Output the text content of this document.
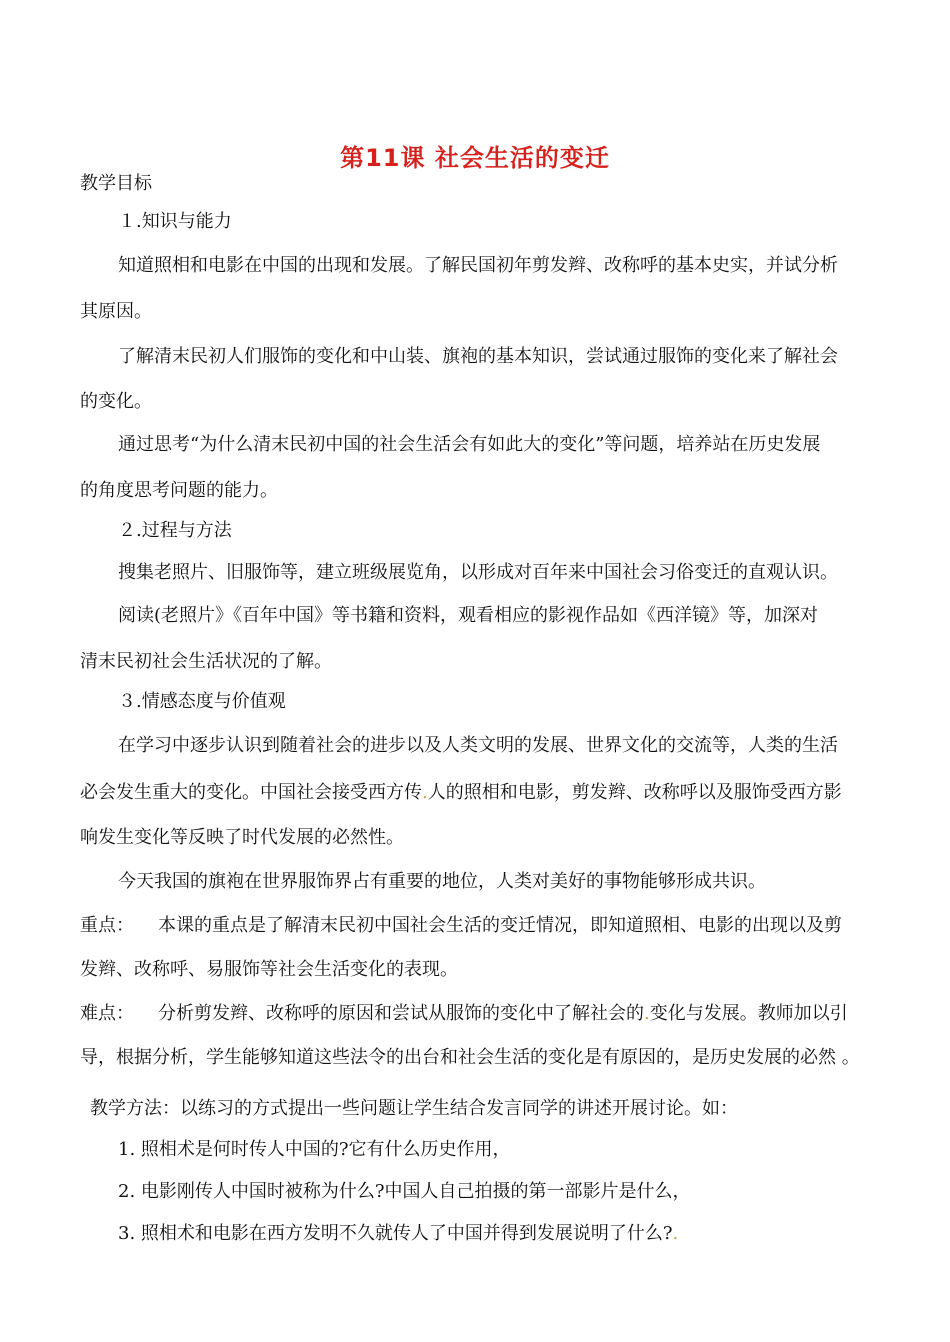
第11课 社会生活的变迁
教学目标
１.知识与能力
知道照相和电影在中国的出现和发展。了解民国初年剪发辫、改称呼的基本史实，并试分析
其原因。
了解清末民初人们服饰的变化和中山装、旗袍的基本知识，尝试通过服饰的变化来了解社会
的变化。
通过思考“为什么清末民初中国的社会生活会有如此大的变化”等问题，培养站在历史发展
的角度思考问题的能力。
２.过程与方法
搜集老照片、旧服饰等，建立班级展览角，以形成对百年来中国社会习俗变迁的直观认识。
阅读(老照片》《百年中国》等书籍和资料，观看相应的影视作品如《西洋镜》等，加深对
清末民初社会生活状况的了解。
３.情感态度与价值观
在学习中逐步认识到随着社会的进步以及人类文明的发展、世界文化的交流等，人类的生活
必会发生重大的变化。中国社会接受西方传.人的照相和电影，剪发辫、改称呼以及服饰受西方影
响发生变化等反映了时代发展的必然性。
今天我国的旗袍在世界服饰界占有重要的地位，人类对美好的事物能够形成共识。
重点： 本课的重点是了解清末民初中国社会生活的变迁情况，即知道照相、电影的出现以及剪
发辫、改称呼、易服饰等社会生活变化的表现。
难点： 分析剪发辫、改称呼的原因和尝试从服饰的变化中了解社会的.变化与发展。教师加以引
导，根据分析，学生能够知道这些法令的出台和社会生活的变化是有原因的，是历史发展的必然 。
教学方法：以练习的方式提出一些问题让学生结合发言同学的讲述开展讨论。如：
1. 照相术是何时传人中国的?它有什么历史作用，
2. 电影刚传人中国时被称为什么?中国人自己拍摄的第一部影片是什么，
3. 照相术和电影在西方发明不久就传人了中国并得到发展说明了什么?.
